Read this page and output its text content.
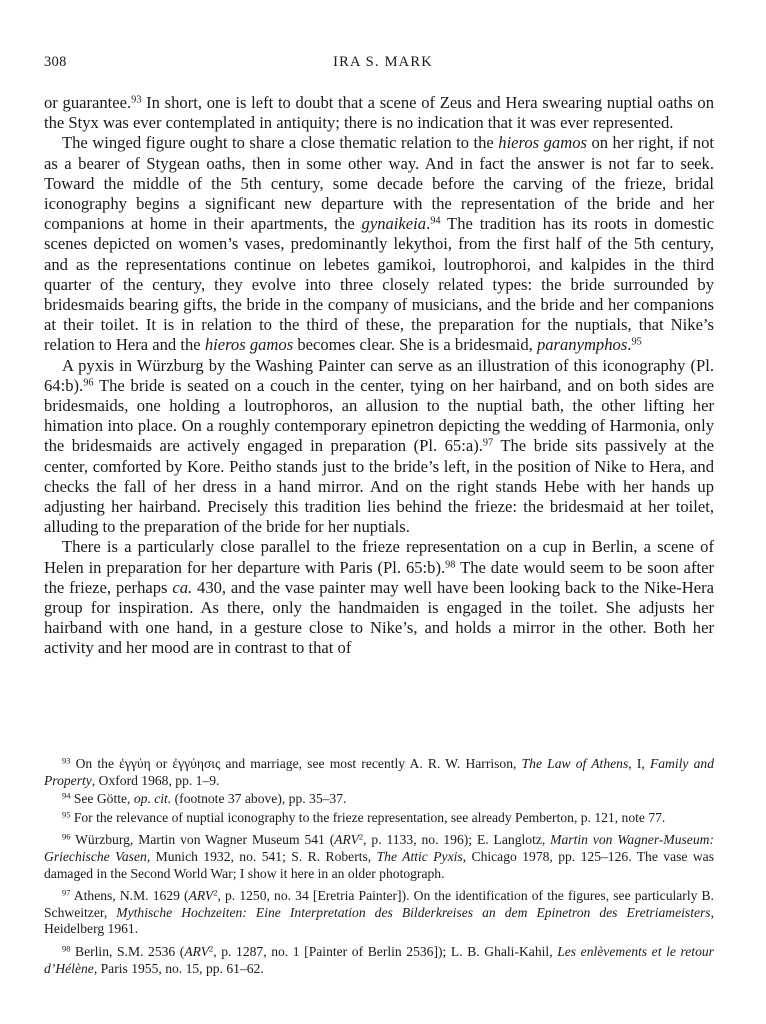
308	IRA S. MARK

or guarantee.$^{93}$ In short, one is left to doubt that a scene of Zeus and Hera swearing nuptial oaths on the Styx was ever contemplated in antiquity; there is no indication that it was ever represented.

The winged figure ought to share a close thematic relation to the hieros gamos on her right, if not as a bearer of Stygean oaths, then in some other way. And in fact the answer is not far to seek. Toward the middle of the 5th century, some decade before the carving of the frieze, bridal iconography begins a significant new departure with the representation of the bride and her companions at home in their apartments, the gynaikeia.$^{94}$ The tradition has its roots in domestic scenes depicted on women’s vases, predominantly lekythoi, from the first half of the 5th century, and as the representations continue on lebetes gamikoi, loutrophoroi, and kalpides in the third quarter of the century, they evolve into three closely related types: the bride surrounded by bridesmaids bearing gifts, the bride in the company of musicians, and the bride and her companions at their toilet. It is in relation to the third of these, the preparation for the nuptials, that Nike’s relation to Hera and the hieros gamos becomes clear. She is a bridesmaid, paranymphos.$^{95}$

A pyxis in Würzburg by the Washing Painter can serve as an illustration of this iconography (Pl. 64:b).$^{96}$ The bride is seated on a couch in the center, tying on her hairband, and on both sides are bridesmaids, one holding a loutrophoros, an allusion to the nuptial bath, the other lifting her himation into place. On a roughly contemporary epinetron depicting the wedding of Harmonia, only the bridesmaids are actively engaged in preparation (Pl. 65:a).$^{97}$ The bride sits passively at the center, comforted by Kore. Peitho stands just to the bride’s left, in the position of Nike to Hera, and checks the fall of her dress in a hand mirror. And on the right stands Hebe with her hands up adjusting her hairband. Precisely this tradition lies behind the frieze: the bridesmaid at her toilet, alluding to the preparation of the bride for her nuptials.

There is a particularly close parallel to the frieze representation on a cup in Berlin, a scene of Helen in preparation for her departure with Paris (Pl. 65:b).$^{98}$ The date would seem to be soon after the frieze, perhaps ca. 430, and the vase painter may well have been looking back to the Nike-Hera group for inspiration. As there, only the handmaiden is engaged in the toilet. She adjusts her hairband with one hand, in a gesture close to Nike’s, and holds a mirror in the other. Both her activity and her mood are in contrast to that of

$^{93}$ On the ἐγγύη or ἐγγύησις and marriage, see most recently A. R. W. Harrison, The Law of Athens, I, Family and Property, Oxford 1968, pp. 1–9.

$^{94}$ See Götte, op. cit. (footnote 37 above), pp. 35–37.

$^{95}$ For the relevance of nuptial iconography to the frieze representation, see already Pemberton, p. 121, note 77.

$^{96}$ Würzburg, Martin von Wagner Museum 541 (ARV$^2$, p. 1133, no. 196); E. Langlotz, Martin von Wagner-Museum: Griechische Vasen, Munich 1932, no. 541; S. R. Roberts, The Attic Pyxis, Chicago 1978, pp. 125–126. The vase was damaged in the Second World War; I show it here in an older photograph.

$^{97}$ Athens, N.M. 1629 (ARV$^2$, p. 1250, no. 34 [Eretria Painter]). On the identification of the figures, see particularly B. Schweitzer, Mythische Hochzeiten: Eine Interpretation des Bilderkreises an dem Epinetron des Eretriameisters, Heidelberg 1961.

$^{98}$ Berlin, S.M. 2536 (ARV$^2$, p. 1287, no. 1 [Painter of Berlin 2536]); L. B. Ghali-Kahil, Les enlèvements et le retour d’Hélène, Paris 1955, no. 15, pp. 61–62.
